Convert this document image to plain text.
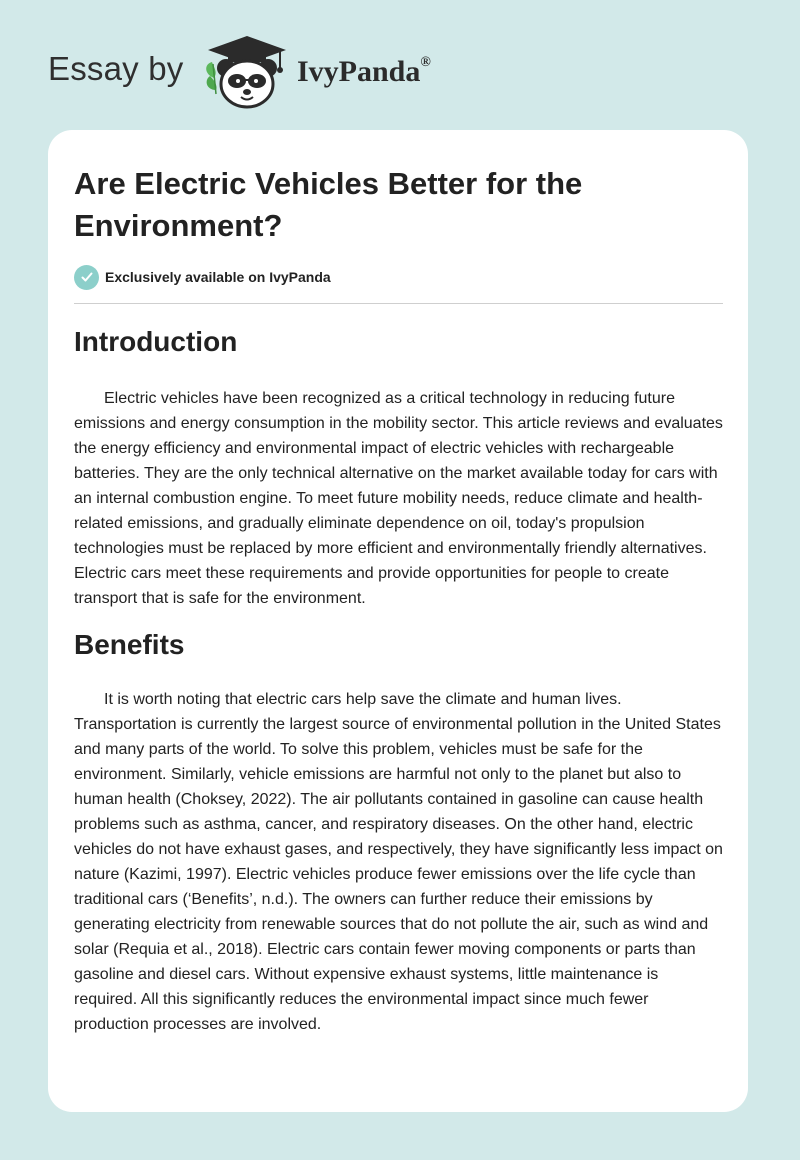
Essay by	IvyPanda®
Are Electric Vehicles Better for the Environment?
Exclusively available on IvyPanda
Introduction

Electric vehicles have been recognized as a critical technology in reducing future emissions and energy consumption in the mobility sector. This article reviews and evaluates the energy efficiency and environmental impact of electric vehicles with rechargeable batteries. They are the only technical alternative on the market available today for cars with an internal combustion engine. To meet future mobility needs, reduce climate and health-related emissions, and gradually eliminate dependence on oil, today's propulsion technologies must be replaced by more efficient and environmentally friendly alternatives. Electric cars meet these requirements and provide opportunities for people to create transport that is safe for the environment.

Benefits

It is worth noting that electric cars help save the climate and human lives. Transportation is currently the largest source of environmental pollution in the United States and many parts of the world. To solve this problem, vehicles must be safe for the environment. Similarly, vehicle emissions are harmful not only to the planet but also to human health (Choksey, 2022). The air pollutants contained in gasoline can cause health problems such as asthma, cancer, and respiratory diseases. On the other hand, electric vehicles do not have exhaust gases, and respectively, they have significantly less impact on nature (Kazimi, 1997). Electric vehicles produce fewer emissions over the life cycle than traditional cars (‘Benefits’, n.d.). The owners can further reduce their emissions by generating electricity from renewable sources that do not pollute the air, such as wind and solar (Requia et al., 2018). Electric cars contain fewer moving components or parts than gasoline and diesel cars. Without expensive exhaust systems, little maintenance is required. All this significantly reduces the environmental impact since much fewer production processes are involved.
